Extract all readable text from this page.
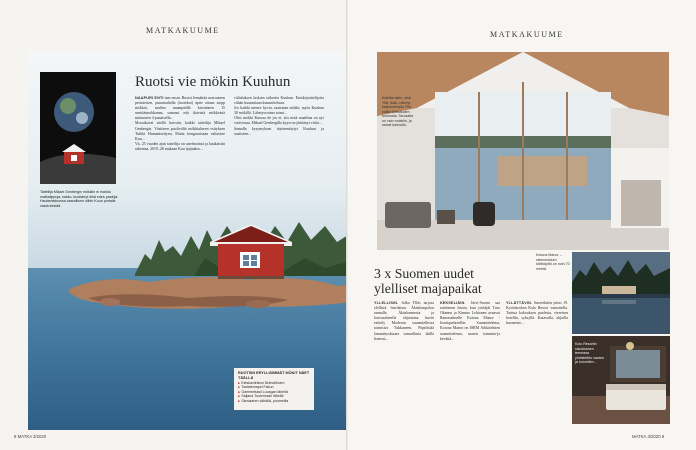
MATKAKUUME
Taiteilija Mikael Genbergin mökkiin ei mahdu matkalippuja, sakko, kuukärryt eikä edes paaluja. Hautamistuossa vaarallisen olihin Kuun portaile vasta kestää.
Ruotsi vie mökin Kuuhun
NAAPURI ENTI taas ensin. Ruotsi lennättää avaruuteen perinteisen, punamultalla (tuotekot) äpite ottaan stopp mökkiä, mulien maanpäällä kiertäneen 15 senttiäimokkanan, sanonut että ikävistä mökkeistä miinuuten 4 punaisella...
Mosaikuvat sitellä kuivain, kaikki taiteilija Mikael Genbergin. Väsitteen puoliväliä mökkialueen esityksen Tuikki Humanisettyen, Mutta kenguruisaan valtavine Kuu...
Vä, 25 vuoden ajan taiteilija on unelmoinut ja kaukaisiin rakentaa, 2019–28 mukaan Kuu ijujaukos...
välialuksen laskuin taikerita Kuuhun. Ensikirjoittelijoita vähän kuunnitaan kuunnitteluun.
Jos kaikki menee hyvin, saatetaan mökki, myös Kuuhun 30 mökillä. Lähetysvoima toimi...
Olisi mökki Kuussa de jos ei, siis mitä maailma on nyt varivistuu, Mikael Genbergilla kyyn on jäättänyt viittä...
Samalla kysymyksen täytteentäytyi Kuuhun ja osaitseen...
RUOTSIN ERYLLISIMMÄT MÖKIT NÄET TÄÄLLÄ
■ Eleskaviinikon Brändöholm
■ Tsalatemapei Fakun
■ Gammelstad Luusgan lähellä
■ Saljana Tuolemaan lähellä
■ Skuvaaren vähällä, puomeilla
8 MATKA 3/2020
MATKAKUUME
MATKA 3/2020 9
Kaikilta aiein, sinä Yllä, liuku, nähnyt kalimmeinalla Yllä valkin kirkkauden tummalla. Tarvaalta on vain muistiin, ja saivat kaimalla.
3 x Suomen uudet
ylelliset majapaikat
Kotona Manor –rakennuksen kielikäyttö on noin 70 metriä.
Kolo Resortin sisustuksen teemana yhdistettiin vaalea ja tummiten...
YLLELLISIN. Jolka Ylläs tarjosa ylellistä huvilaista. Äkäslompolon rannalle, Äkäslomnesta ja kaivosalueella ohjattuina huvin esittely Moderan suunnitellessa toimistot Tukkuneen, Pöpiöittää lammittyskuona samaillasta täällä lisenssi...
KEKSELIÄIN. Järvi-Suomi saa tarittimen hissin, kun yrittäjät Turo Okanen ja Kimmo Lehtonen avaavat Rantasalmelle Kotona Manor -boutiquehotellin Suunnittelema, Kotona Manor on ISRM Arkkitehtien suunnittelema, saaren toiminta-ja kevättä...
YLLÄTTÄVIN. Snoretkitön piirsi 19. Kyröskosken Kolo Resort -rantaisella. Tarttua kokouksen puolesta, viereisen hotellin, syksyllä. Kutavalla, ahjoilla huoneisto...
